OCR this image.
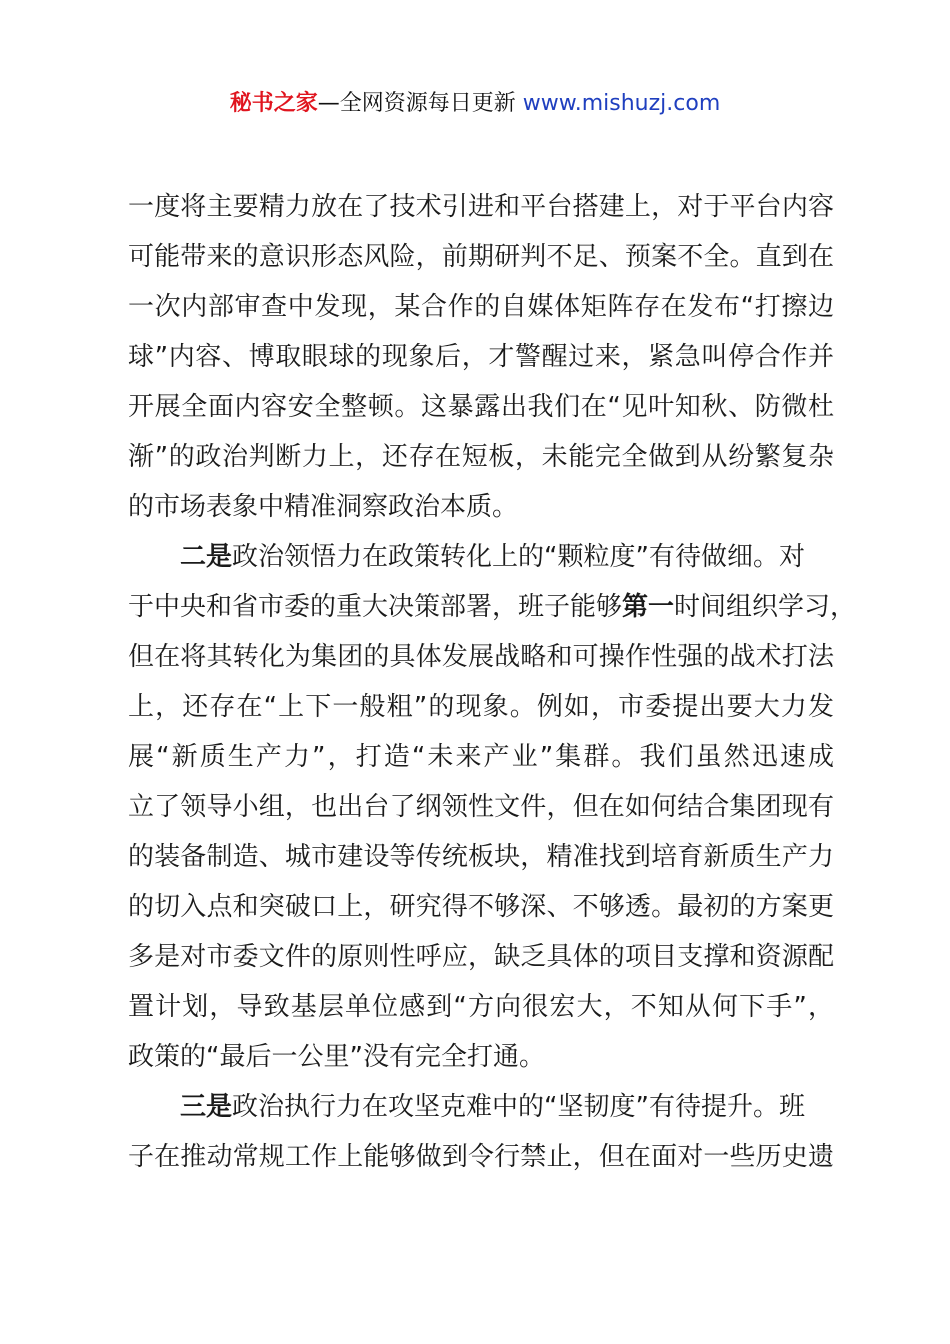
秘书之家—全网资源每日更新 www.mishuzj.com
一度将主要精力放在了技术引进和平台搭建上，对于平台内容
可能带来的意识形态风险，前期研判不足、预案不全。直到在
一次内部审查中发现，某合作的自媒体矩阵存在发布“打擦边
球”内容、博取眼球的现象后，才警醒过来，紧急叫停合作并
开展全面内容安全整顿。这暴露出我们在“见叶知秋、防微杜
渐”的政治判断力上，还存在短板，未能完全做到从纷繁复杂
的市场表象中精准洞察政治本质。
二是政治领悟力在政策转化上的“颗粒度”有待做细。对
于中央和省市委的重大决策部署，班子能够第一时间组织学习，
但在将其转化为集团的具体发展战略和可操作性强的战术打法
上，还存在“上下一般粗”的现象。例如，市委提出要大力发
展“新质生产力”，打造“未来产业”集群。我们虽然迅速成
立了领导小组，也出台了纲领性文件，但在如何结合集团现有
的装备制造、城市建设等传统板块，精准找到培育新质生产力
的切入点和突破口上，研究得不够深、不够透。最初的方案更
多是对市委文件的原则性呼应，缺乏具体的项目支撑和资源配
置计划，导致基层单位感到“方向很宏大，不知从何下手”，
政策的“最后一公里”没有完全打通。
三是政治执行力在攻坚克难中的“坚韧度”有待提升。班
子在推动常规工作上能够做到令行禁止，但在面对一些历史遗
